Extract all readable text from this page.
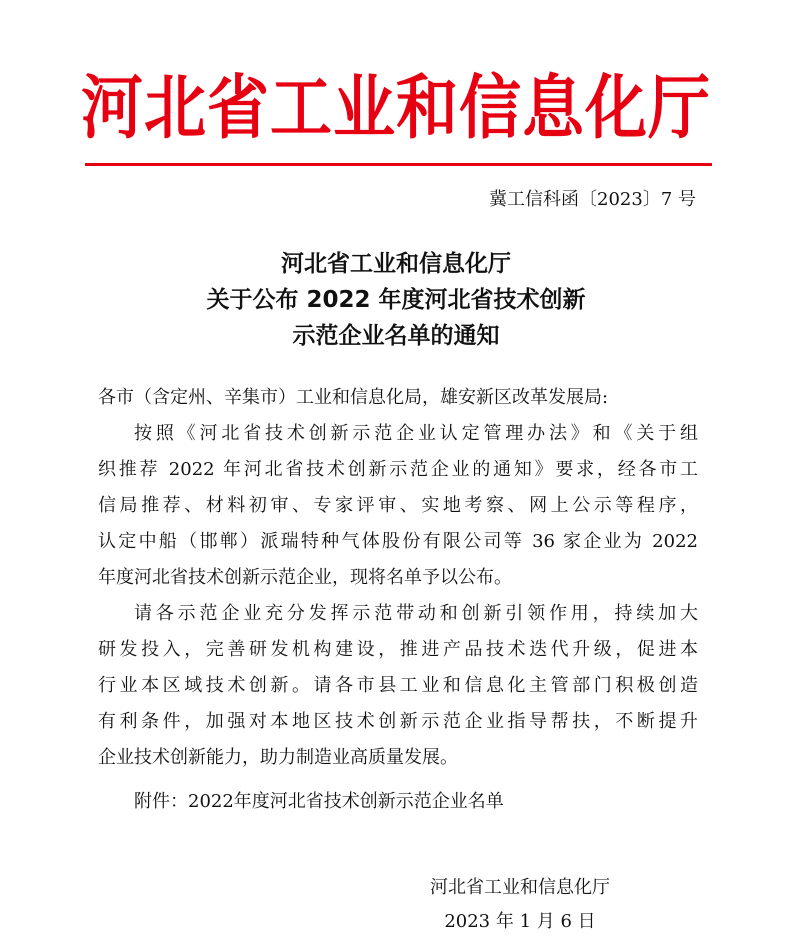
河北省工业和信息化厅
冀工信科函〔2023〕7 号
河北省工业和信息化厅
关于公布 2022 年度河北省技术创新
示范企业名单的通知
各市（含定州、辛集市）工业和信息化局，雄安新区改革发展局:
按照《河北省技术创新示范企业认定管理办法》和《关于组
织推荐 2022 年河北省技术创新示范企业的通知》要求，经各市工
信局推荐、材料初审、专家评审、实地考察、网上公示等程序，
认定中船（邯郸）派瑞特种气体股份有限公司等 36 家企业为 2022
年度河北省技术创新示范企业，现将名单予以公布。
请各示范企业充分发挥示范带动和创新引领作用，持续加大
研发投入，完善研发机构建设，推进产品技术迭代升级，促进本
行业本区域技术创新。请各市县工业和信息化主管部门积极创造
有利条件，加强对本地区技术创新示范企业指导帮扶，不断提升
企业技术创新能力，助力制造业高质量发展。
附件：2022年度河北省技术创新示范企业名单
河北省工业和信息化厅
2023 年 1 月 6 日
